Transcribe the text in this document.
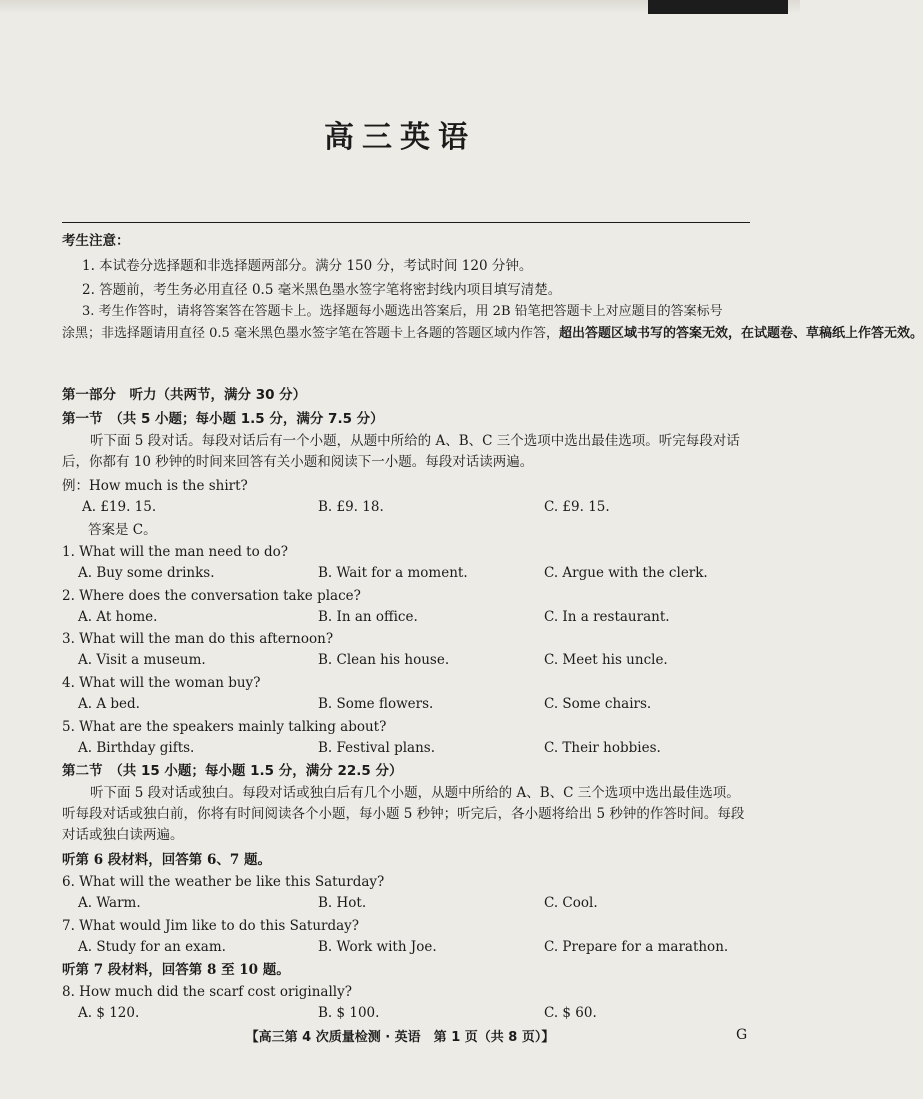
高三英语
考生注意：
1. 本试卷分选择题和非选择题两部分。满分 150 分，考试时间 120 分钟。
2. 答题前，考生务必用直径 0.5 毫米黑色墨水签字笔将密封线内项目填写清楚。
3. 考生作答时，请将答案答在答题卡上。选择题每小题选出答案后，用 2B 铅笔把答题卡上对应题目的答案标号
涂黑；非选择题请用直径 0.5 毫米黑色墨水签字笔在答题卡上各题的答题区域内作答，超出答题区域书写的答案无效，在试题卷、草稿纸上作答无效。
第一部分　听力（共两节，满分 30 分）
第一节　（共 5 小题；每小题 1.5 分，满分 7.5 分）

听下面 5 段对话。每段对话后有一个小题，从题中所给的 A、B、C 三个选项中选出最佳选项。听完每段对话后，你都有 10 秒钟的时间来回答有关小题和阅读下一小题。每段对话读两遍。

例：How much is the shirt?
A. £19. 15.	B. £9. 18.	C. £9. 15.
答案是 C。
1. What will the man need to do?
A. Buy some drinks.	B. Wait for a moment.	C. Argue with the clerk.
2. Where does the conversation take place?
A. At home.	B. In an office.	C. In a restaurant.
3. What will the man do this afternoon?
A. Visit a museum.	B. Clean his house.	C. Meet his uncle.
4. What will the woman buy?
A. A bed.	B. Some flowers.	C. Some chairs.
5. What are the speakers mainly talking about?
A. Birthday gifts.	B. Festival plans.	C. Their hobbies.
第二节　（共 15 小题；每小题 1.5 分，满分 22.5 分）

听下面 5 段对话或独白。每段对话或独白后有几个小题，从题中所给的 A、B、C 三个选项中选出最佳选项。听每段对话或独白前，你将有时间阅读各个小题，每小题 5 秒钟；听完后，各小题将给出 5 秒钟的作答时间。每段对话或独白读两遍。

听第 6 段材料，回答第 6、7 题。
6. What will the weather be like this Saturday?
A. Warm.	B. Hot.	C. Cool.
7. What would Jim like to do this Saturday?
A. Study for an exam.	B. Work with Joe.	C. Prepare for a marathon.
听第 7 段材料，回答第 8 至 10 题。
8. How much did the scarf cost originally?
A. $ 120.	B. $ 100.	C. $ 60.
【高三第 4 次质量检测 · 英语　第 1 页（共 8 页）】	G
